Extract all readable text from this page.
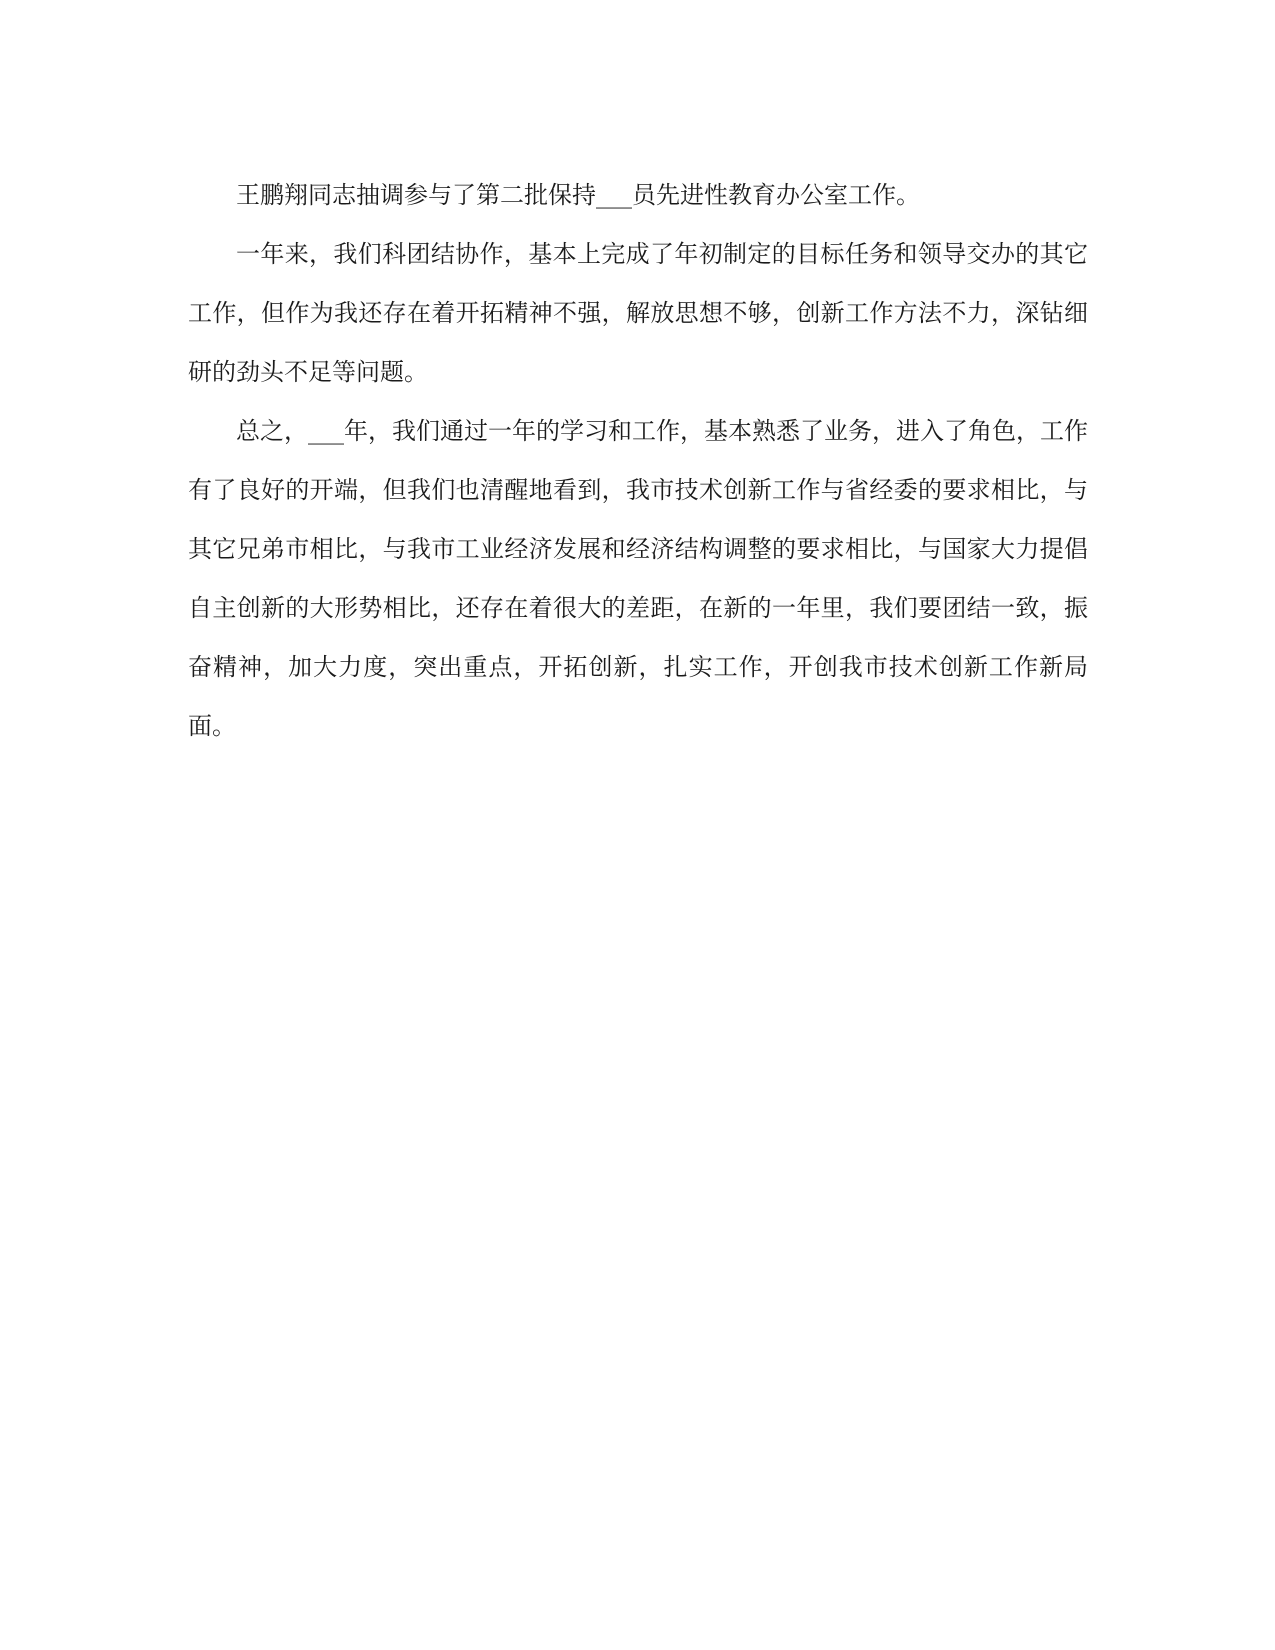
王鹏翔同志抽调参与了第二批保持___员先进性教育办公室工作。

一年来，我们科团结协作，基本上完成了年初制定的目标任务和领导交办的其它工作，但作为我还存在着开拓精神不强，解放思想不够，创新工作方法不力，深钻细研的劲头不足等问题。

总之，___年，我们通过一年的学习和工作，基本熟悉了业务，进入了角色，工作有了良好的开端，但我们也清醒地看到，我市技术创新工作与省经委的要求相比，与其它兄弟市相比，与我市工业经济发展和经济结构调整的要求相比，与国家大力提倡自主创新的大形势相比，还存在着很大的差距，在新的一年里，我们要团结一致，振奋精神，加大力度，突出重点，开拓创新，扎实工作，开创我市技术创新工作新局面。
